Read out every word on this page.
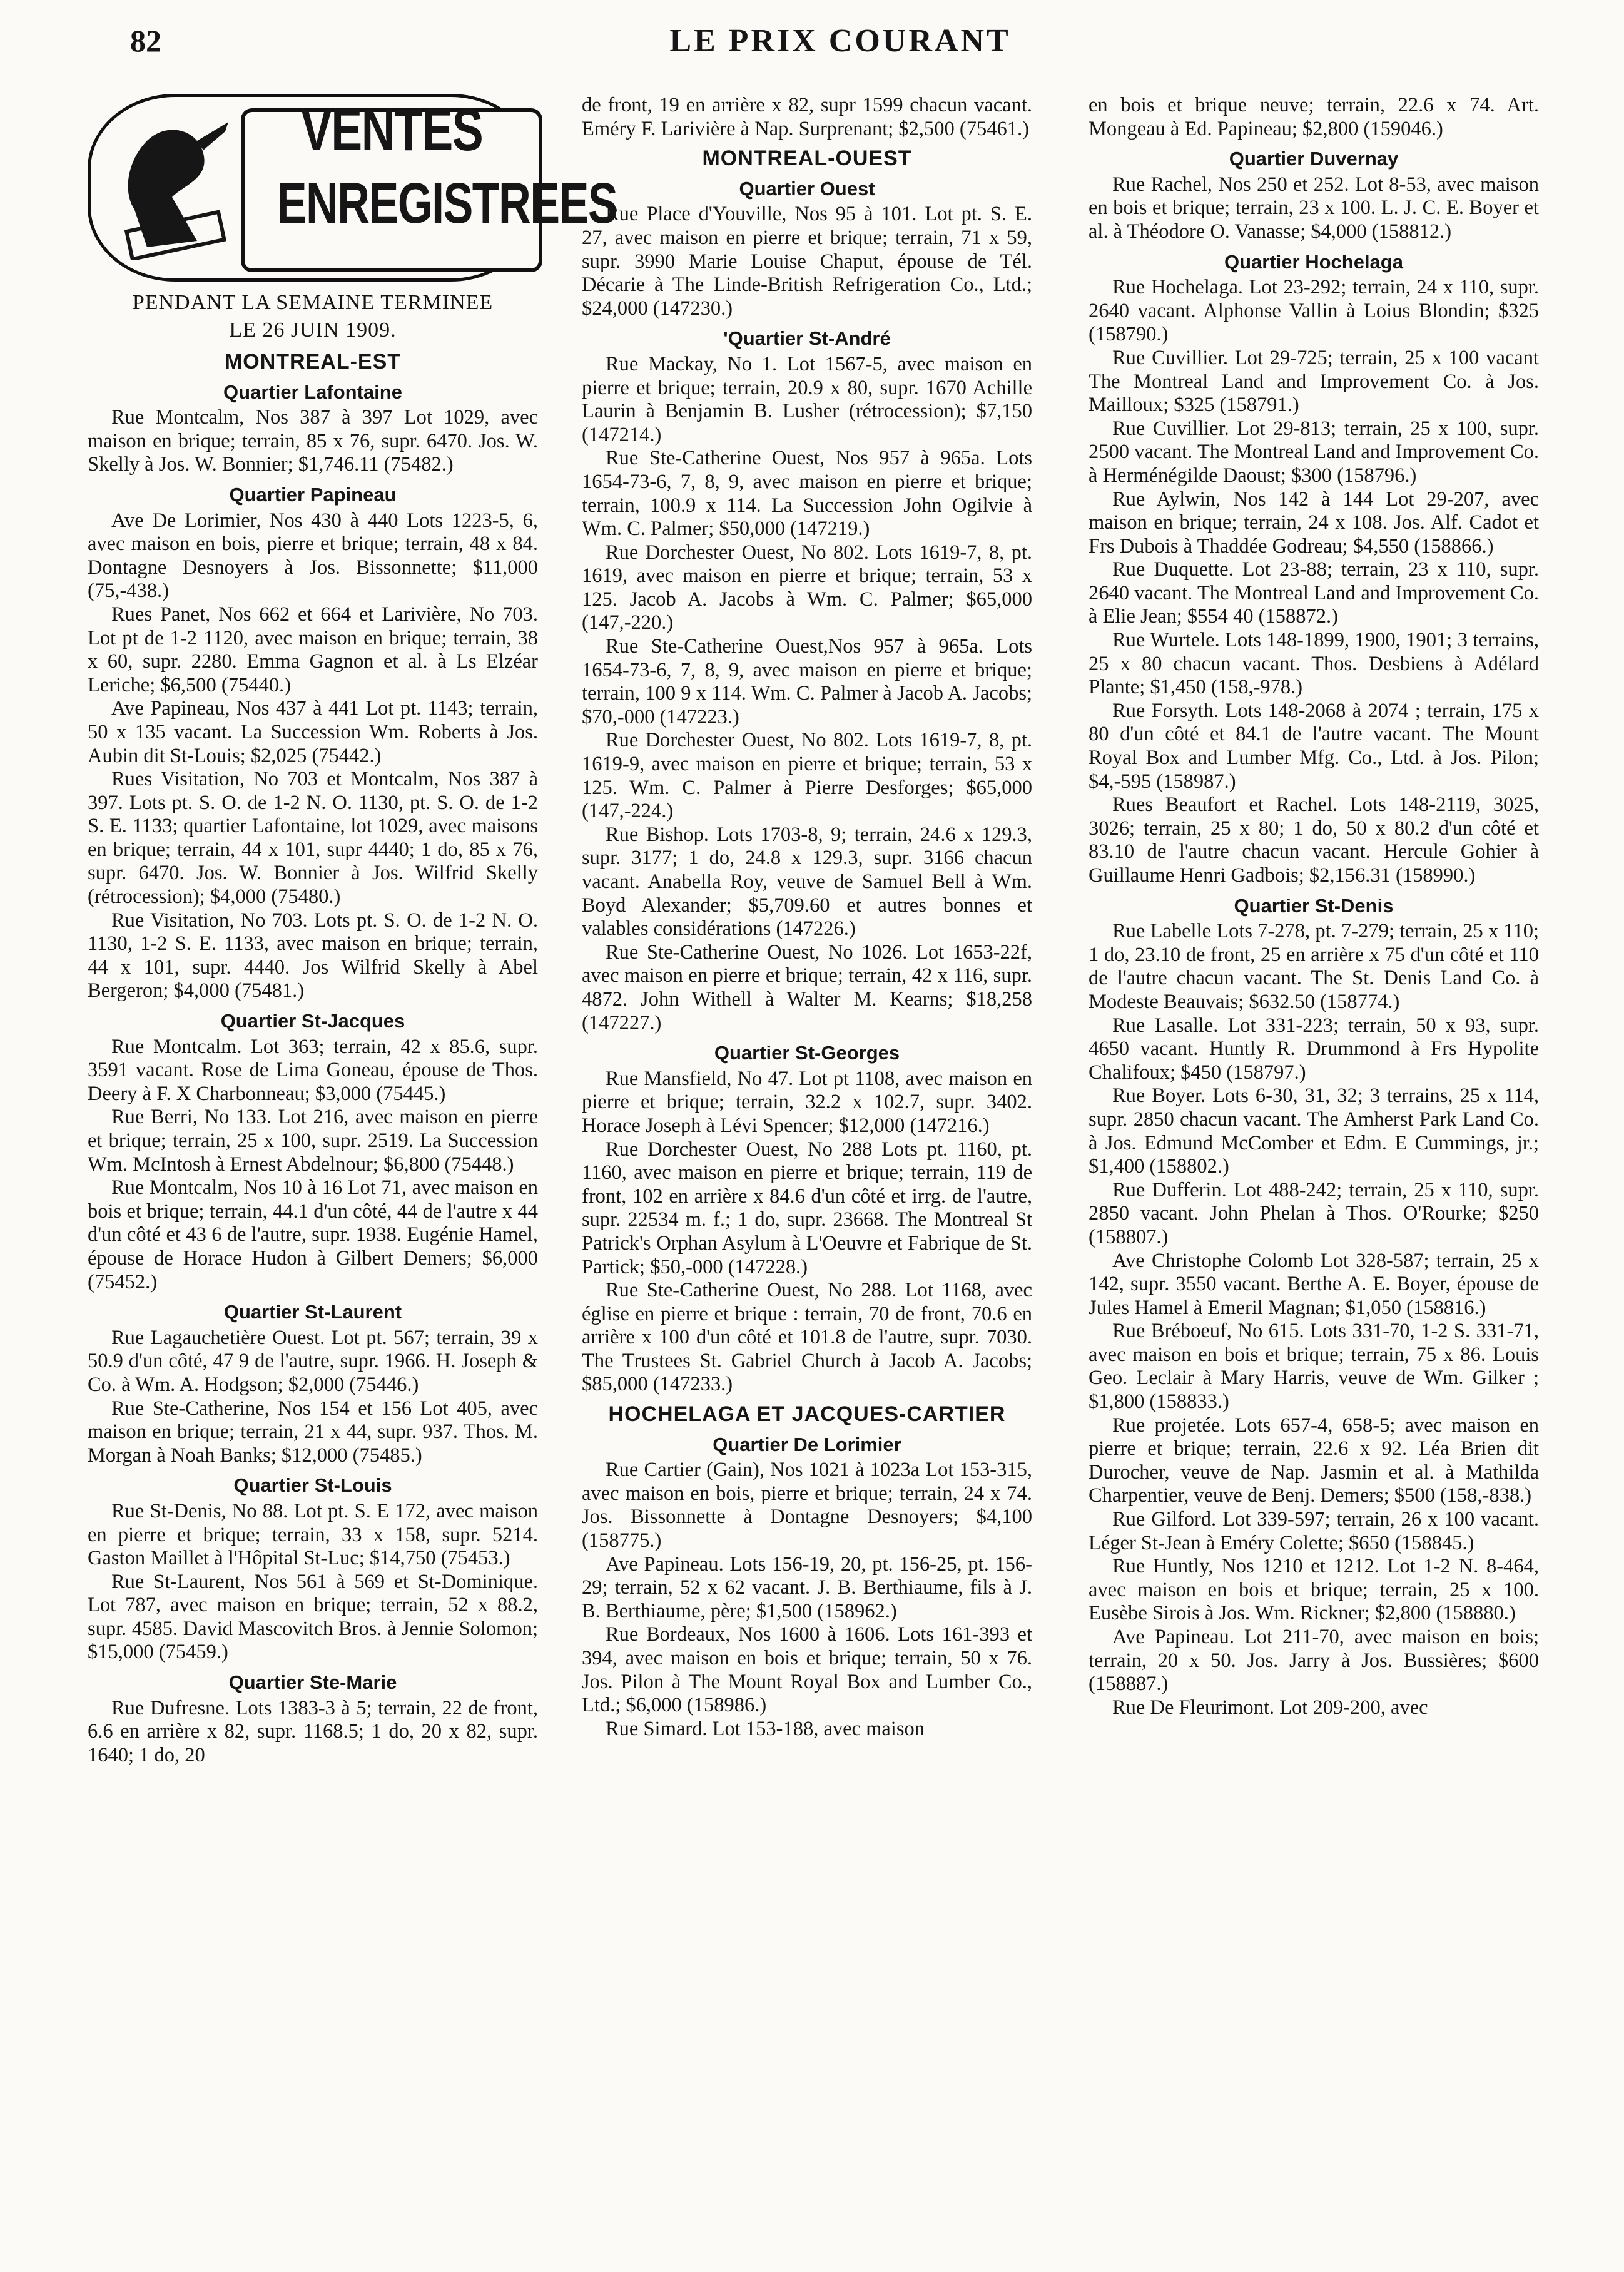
82	LE PRIX COURANT
VENTES
ENREGISTREES
PENDANT LA SEMAINE TERMINEE
LE 26 JUIN 1909.
MONTREAL-EST
Quartier Lafontaine

Rue Montcalm, Nos 387 à 397 Lot 1029, avec maison en brique; terrain, 85 x 76, supr. 6470. Jos. W. Skelly à Jos. W. Bonnier; $1,746.11 (75482.)

Quartier Papineau

Ave De Lorimier, Nos 430 à 440 Lots 1223-5, 6, avec maison en bois, pierre et brique; terrain, 48 x 84. Dontagne Desnoyers à Jos. Bissonnette; $11,000 (75,-438.)

Rues Panet, Nos 662 et 664 et Larivière, No 703. Lot pt de 1-2 1120, avec maison en brique; terrain, 38 x 60, supr. 2280. Emma Gagnon et al. à Ls Elzéar Leriche; $6,500 (75440.)

Ave Papineau, Nos 437 à 441 Lot pt. 1143; terrain, 50 x 135 vacant. La Succession Wm. Roberts à Jos. Aubin dit St-Louis; $2,025 (75442.)

Rues Visitation, No 703 et Montcalm, Nos 387 à 397. Lots pt. S. O. de 1-2 N. O. 1130, pt. S. O. de 1-2 S. E. 1133; quartier Lafontaine, lot 1029, avec maisons en brique; terrain, 44 x 101, supr 4440; 1 do, 85 x 76, supr. 6470. Jos. W. Bonnier à Jos. Wilfrid Skelly (rétrocession); $4,000 (75480.)

Rue Visitation, No 703. Lots pt. S. O. de 1-2 N. O. 1130, 1-2 S. E. 1133, avec maison en brique; terrain, 44 x 101, supr. 4440. Jos Wilfrid Skelly à Abel Bergeron; $4,000 (75481.)

Quartier St-Jacques

Rue Montcalm. Lot 363; terrain, 42 x 85.6, supr. 3591 vacant. Rose de Lima Goneau, épouse de Thos. Deery à F. X Charbonneau; $3,000 (75445.)

Rue Berri, No 133. Lot 216, avec maison en pierre et brique; terrain, 25 x 100, supr. 2519. La Succession Wm. McIntosh à Ernest Abdelnour; $6,800 (75448.)

Rue Montcalm, Nos 10 à 16 Lot 71, avec maison en bois et brique; terrain, 44.1 d'un côté, 44 de l'autre x 44 d'un côté et 43 6 de l'autre, supr. 1938. Eugénie Hamel, épouse de Horace Hudon à Gilbert Demers; $6,000 (75452.)

Quartier St-Laurent

Rue Lagauchetière Ouest. Lot pt. 567; terrain, 39 x 50.9 d'un côté, 47 9 de l'autre, supr. 1966. H. Joseph & Co. à Wm. A. Hodgson; $2,000 (75446.)

Rue Ste-Catherine, Nos 154 et 156 Lot 405, avec maison en brique; terrain, 21 x 44, supr. 937. Thos. M. Morgan à Noah Banks; $12,000 (75485.)

Quartier St-Louis

Rue St-Denis, No 88. Lot pt. S. E 172, avec maison en pierre et brique; terrain, 33 x 158, supr. 5214. Gaston Maillet à l'Hôpital St-Luc; $14,750 (75453.)

Rue St-Laurent, Nos 561 à 569 et St-Dominique. Lot 787, avec maison en brique; terrain, 52 x 88.2, supr. 4585. David Mascovitch Bros. à Jennie Solomon; $15,000 (75459.)

Quartier Ste-Marie

Rue Dufresne. Lots 1383-3 à 5; terrain, 22 de front, 6.6 en arrière x 82, supr. 1168.5; 1 do, 20 x 82, supr. 1640; 1 do, 20

de front, 19 en arrière x 82, supr 1599 chacun vacant. Eméry F. Larivière à Nap. Surprenant; $2,500 (75461.)

MONTREAL-OUEST
Quartier Ouest

Rue Place d'Youville, Nos 95 à 101. Lot pt. S. E. 27, avec maison en pierre et brique; terrain, 71 x 59, supr. 3990 Marie Louise Chaput, épouse de Tél. Décarie à The Linde-British Refrigeration Co., Ltd.; $24,000 (147230.)

'Quartier St-André

Rue Mackay, No 1. Lot 1567-5, avec maison en pierre et brique; terrain, 20.9 x 80, supr. 1670 Achille Laurin à Benjamin B. Lusher (rétrocession); $7,150 (147214.)

Rue Ste-Catherine Ouest, Nos 957 à 965a. Lots 1654-73-6, 7, 8, 9, avec maison en pierre et brique; terrain, 100.9 x 114. La Succession John Ogilvie à Wm. C. Palmer; $50,000 (147219.)

Rue Dorchester Ouest, No 802. Lots 1619-7, 8, pt. 1619, avec maison en pierre et brique; terrain, 53 x 125. Jacob A. Jacobs à Wm. C. Palmer; $65,000 (147,-220.)

Rue Ste-Catherine Ouest,Nos 957 à 965a. Lots 1654-73-6, 7, 8, 9, avec maison en pierre et brique; terrain, 100 9 x 114. Wm. C. Palmer à Jacob A. Jacobs; $70,-000 (147223.)

Rue Dorchester Ouest, No 802. Lots 1619-7, 8, pt. 1619-9, avec maison en pierre et brique; terrain, 53 x 125. Wm. C. Palmer à Pierre Desforges; $65,000 (147,-224.)

Rue Bishop. Lots 1703-8, 9; terrain, 24.6 x 129.3, supr. 3177; 1 do, 24.8 x 129.3, supr. 3166 chacun vacant. Anabella Roy, veuve de Samuel Bell à Wm. Boyd Alexander; $5,709.60 et autres bonnes et valables considérations (147226.)

Rue Ste-Catherine Ouest, No 1026. Lot 1653-22f, avec maison en pierre et brique; terrain, 42 x 116, supr. 4872. John Withell à Walter M. Kearns; $18,258 (147227.)

Quartier St-Georges

Rue Mansfield, No 47. Lot pt 1108, avec maison en pierre et brique; terrain, 32.2 x 102.7, supr. 3402. Horace Joseph à Lévi Spencer; $12,000 (147216.)

Rue Dorchester Ouest, No 288 Lots pt. 1160, pt. 1160, avec maison en pierre et brique; terrain, 119 de front, 102 en arrière x 84.6 d'un côté et irrg. de l'autre, supr. 22534 m. f.; 1 do, supr. 23668. The Montreal St Patrick's Orphan Asylum à L'Oeuvre et Fabrique de St. Partick; $50,-000 (147228.)

Rue Ste-Catherine Ouest, No 288. Lot 1168, avec église en pierre et brique : terrain, 70 de front, 70.6 en arrière x 100 d'un côté et 101.8 de l'autre, supr. 7030. The Trustees St. Gabriel Church à Jacob A. Jacobs; $85,000 (147233.)

HOCHELAGA ET JACQUES-CARTIER
Quartier De Lorimier

Rue Cartier (Gain), Nos 1021 à 1023a Lot 153-315, avec maison en bois, pierre et brique; terrain, 24 x 74. Jos. Bissonnette à Dontagne Desnoyers; $4,100 (158775.)

Ave Papineau. Lots 156-19, 20, pt. 156-25, pt. 156-29; terrain, 52 x 62 vacant. J. B. Berthiaume, fils à J. B. Berthiaume, père; $1,500 (158962.)

Rue Bordeaux, Nos 1600 à 1606. Lots 161-393 et 394, avec maison en bois et brique; terrain, 50 x 76. Jos. Pilon à The Mount Royal Box and Lumber Co., Ltd.; $6,000 (158986.)

Rue Simard. Lot 153-188, avec maison

en bois et brique neuve; terrain, 22.6 x 74. Art. Mongeau à Ed. Papineau; $2,800 (159046.)

Quartier Duvernay

Rue Rachel, Nos 250 et 252. Lot 8-53, avec maison en bois et brique; terrain, 23 x 100. L. J. C. E. Boyer et al. à Théodore O. Vanasse; $4,000 (158812.)

Quartier Hochelaga

Rue Hochelaga. Lot 23-292; terrain, 24 x 110, supr. 2640 vacant. Alphonse Vallin à Loius Blondin; $325 (158790.)

Rue Cuvillier. Lot 29-725; terrain, 25 x 100 vacant The Montreal Land and Improvement Co. à Jos. Mailloux; $325 (158791.)

Rue Cuvillier. Lot 29-813; terrain, 25 x 100, supr. 2500 vacant. The Montreal Land and Improvement Co. à Herménégilde Daoust; $300 (158796.)

Rue Aylwin, Nos 142 à 144 Lot 29-207, avec maison en brique; terrain, 24 x 108. Jos. Alf. Cadot et Frs Dubois à Thaddée Godreau; $4,550 (158866.)

Rue Duquette. Lot 23-88; terrain, 23 x 110, supr. 2640 vacant. The Montreal Land and Improvement Co. à Elie Jean; $554 40 (158872.)

Rue Wurtele. Lots 148-1899, 1900, 1901; 3 terrains, 25 x 80 chacun vacant. Thos. Desbiens à Adélard Plante; $1,450 (158,-978.)

Rue Forsyth. Lots 148-2068 à 2074 ; terrain, 175 x 80 d'un côté et 84.1 de l'autre vacant. The Mount Royal Box and Lumber Mfg. Co., Ltd. à Jos. Pilon; $4,-595 (158987.)

Rues Beaufort et Rachel. Lots 148-2119, 3025, 3026; terrain, 25 x 80; 1 do, 50 x 80.2 d'un côté et 83.10 de l'autre chacun vacant. Hercule Gohier à Guillaume Henri Gadbois; $2,156.31 (158990.)

Quartier St-Denis

Rue Labelle Lots 7-278, pt. 7-279; terrain, 25 x 110; 1 do, 23.10 de front, 25 en arrière x 75 d'un côté et 110 de l'autre chacun vacant. The St. Denis Land Co. à Modeste Beauvais; $632.50 (158774.)

Rue Lasalle. Lot 331-223; terrain, 50 x 93, supr. 4650 vacant. Huntly R. Drummond à Frs Hypolite Chalifoux; $450 (158797.)

Rue Boyer. Lots 6-30, 31, 32; 3 terrains, 25 x 114, supr. 2850 chacun vacant. The Amherst Park Land Co. à Jos. Edmund McComber et Edm. E Cummings, jr.; $1,400 (158802.)

Rue Dufferin. Lot 488-242; terrain, 25 x 110, supr. 2850 vacant. John Phelan à Thos. O'Rourke; $250 (158807.)

Ave Christophe Colomb Lot 328-587; terrain, 25 x 142, supr. 3550 vacant. Berthe A. E. Boyer, épouse de Jules Hamel à Emeril Magnan; $1,050 (158816.)

Rue Bréboeuf, No 615. Lots 331-70, 1-2 S. 331-71, avec maison en bois et brique; terrain, 75 x 86. Louis Geo. Leclair à Mary Harris, veuve de Wm. Gilker ; $1,800 (158833.)

Rue projetée. Lots 657-4, 658-5; avec maison en pierre et brique; terrain, 22.6 x 92. Léa Brien dit Durocher, veuve de Nap. Jasmin et al. à Mathilda Charpentier, veuve de Benj. Demers; $500 (158,-838.)

Rue Gilford. Lot 339-597; terrain, 26 x 100 vacant. Léger St-Jean à Eméry Colette; $650 (158845.)

Rue Huntly, Nos 1210 et 1212. Lot 1-2 N. 8-464, avec maison en bois et brique; terrain, 25 x 100. Eusèbe Sirois à Jos. Wm. Rickner; $2,800 (158880.)

Ave Papineau. Lot 211-70, avec maison en bois; terrain, 20 x 50. Jos. Jarry à Jos. Bussières; $600 (158887.)

Rue De Fleurimont. Lot 209-200, avec
